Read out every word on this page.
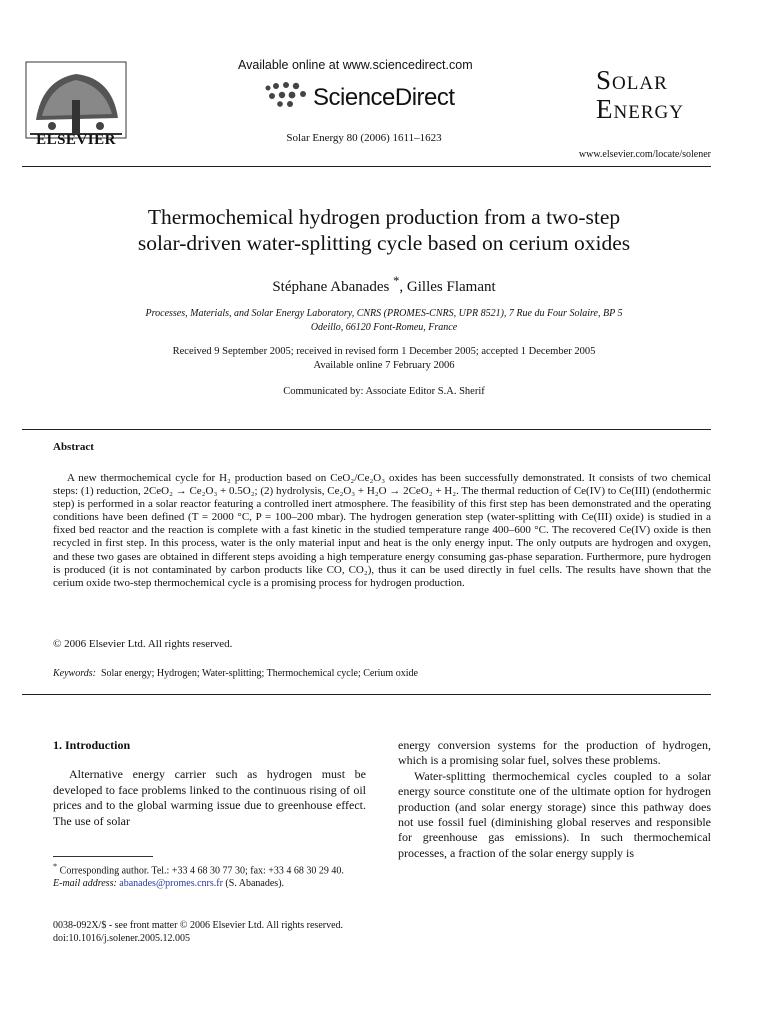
ELSEVIER
Available online at www.sciencedirect.com
ScienceDirect
Solar Energy 80 (2006) 1611–1623
Solar
Energy
www.elsevier.com/locate/solener
Thermochemical hydrogen production from a two-step
solar-driven water-splitting cycle based on cerium oxides
Stéphane Abanades *, Gilles Flamant
Processes, Materials, and Solar Energy Laboratory, CNRS (PROMES-CNRS, UPR 8521), 7 Rue du Four Solaire, BP 5
Odeillo, 66120 Font-Romeu, France
Received 9 September 2005; received in revised form 1 December 2005; accepted 1 December 2005
Available online 7 February 2006
Communicated by: Associate Editor S.A. Sherif
Abstract

A new thermochemical cycle for H₂ production based on CeO₂/Ce₂O₃ oxides has been successfully demonstrated. It consists of two chemical steps: (1) reduction, 2CeO₂ → Ce₂O₃ + 0.5O₂; (2) hydrolysis, Ce₂O₃ + H₂O → 2CeO₂ + H₂. The thermal reduction of Ce(IV) to Ce(III) (endothermic step) is performed in a solar reactor featuring a controlled inert atmosphere. The feasibility of this first step has been demonstrated and the operating conditions have been defined (T = 2000 °C, P = 100–200 mbar). The hydrogen generation step (water-splitting with Ce(III) oxide) is studied in a fixed bed reactor and the reaction is complete with a fast kinetic in the studied temperature range 400–600 °C. The recovered Ce(IV) oxide is then recycled in first step. In this process, water is the only material input and heat is the only energy input. The only outputs are hydrogen and oxygen, and these two gases are obtained in different steps avoiding a high temperature energy consuming gas-phase separation. Furthermore, pure hydrogen is produced (it is not contaminated by carbon products like CO, CO₂), thus it can be used directly in fuel cells. The results have shown that the cerium oxide two-step thermochemical cycle is a promising process for hydrogen production.

© 2006 Elsevier Ltd. All rights reserved.
Keywords: Solar energy; Hydrogen; Water-splitting; Thermochemical cycle; Cerium oxide
1. Introduction

Alternative energy carrier such as hydrogen must be developed to face problems linked to the continuous rising of oil prices and to the global warming issue due to greenhouse effect. The use of solar

energy conversion systems for the production of hydrogen, which is a promising solar fuel, solves these problems.

Water-splitting thermochemical cycles coupled to a solar energy source constitute one of the ultimate option for hydrogen production (and solar energy storage) since this pathway does not use fossil fuel (diminishing global reserves and responsible for greenhouse gas emissions). In such thermochemical processes, a fraction of the solar energy supply is

* Corresponding author. Tel.: +33 4 68 30 77 30; fax: +33 4 68 30 29 40.
E-mail address: abanades@promes.cnrs.fr (S. Abanades).
0038-092X/$ - see front matter © 2006 Elsevier Ltd. All rights reserved.
doi:10.1016/j.solener.2005.12.005
